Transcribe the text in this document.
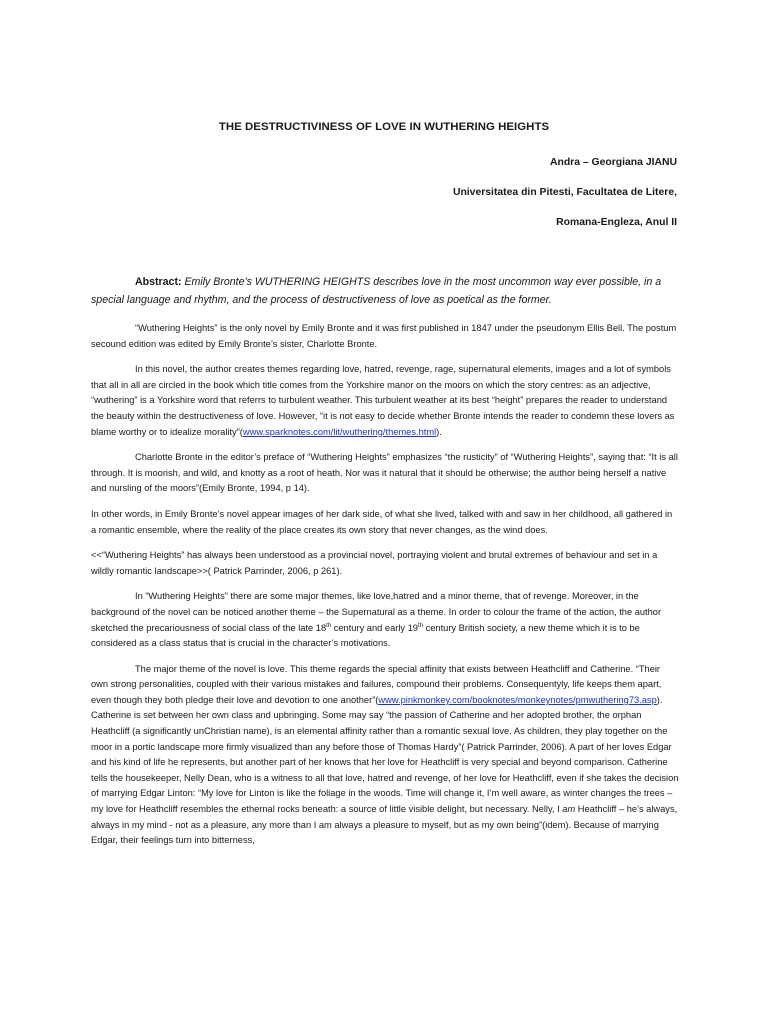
THE DESTRUCTIVINESS OF LOVE IN WUTHERING HEIGHTS
Andra – Georgiana JIANU
Universitatea din Pitesti, Facultatea de Litere,
Romana-Engleza, Anul II
Abstract: Emily Bronte’s WUTHERING HEIGHTS describes love in the most uncommon way ever possible, in a special language and rhythm, and the process of destructiveness of love as poetical as the former.

“Wuthering Heights” is the only novel by Emily Bronte and it was first published in 1847 under the pseudonym Ellis Bell. The postum secound edition was edited by Emily Bronte’s sister, Charlotte Bronte.

In this novel, the author creates themes regarding love, hatred, revenge, rage, supernatural elements, images and a lot of symbols that all in all are circled in the book which title comes from the Yorkshire manor on the moors on which the story centres: as an adjective, “wuthering” is a Yorkshire word that referrs to turbulent weather. This turbulent weather at its best “height” prepares the reader to understand the beauty within the destructiveness of love. However, “it is not easy to decide whether Bronte intends the reader to condemn these lovers as blame worthy or to idealize morality”(www.sparknotes.com/lit/wuthering/themes.html).

Charlotte Bronte in the editor’s preface of “Wuthering Heights” emphasizes “the rusticity” of “Wuthering Heights”, saying that: “It is all through. It is moorish, and wild, and knotty as a root of heath. Nor was it natural that it should be otherwise; the author being herself a native and nursling of the moors”(Emily Bronte, 1994, p 14).

In other words, in Emily Bronte’s novel appear images of her dark side, of what she lived, talked with and saw in her childhood, all gathered in a romantic ensemble, where the reality of the place creates its own story that never changes, as the wind does.

<<“Wuthering Heights” has always been understood as a provincial novel, portraying violent and brutal extremes of behaviour and set in a wildly romantic landscape>>( Patrick Parrinder, 2006, p 261).

In “Wuthering Heights” there are some major themes, like love,hatred and a minor theme, that of revenge. Moreover, in the background of the novel can be noticed another theme – the Supernatural as a theme. In order to colour the frame of the action, the author sketched the precariousness of social class of the late 18th century and early 19th century British society, a new theme which it is to be considered as a class status that is crucial in the character’s motivations.

The major theme of the novel is love. This theme regards the special affinity that exists between Heathcliff and Catherine. “Their own strong personalities, coupled with their various mistakes and failures, compound their problems. Consequentyly, life keeps them apart, even though they both pledge their love and devotion to one another”(www.pinkmonkey.com/booknotes/monkeynotes/pmwuthering73.asp). Catherine is set between her own class and upbringing. Some may say “the passion of Catherine and her adopted brother, the orphan Heathcliff (a significantly unChristian name), is an elemental affinity rather than a romantic sexual love. As children, they play together on the moor in a portic landscape more firmly visualized than any before those of Thomas Hardy”( Patrick Parrinder, 2006). A part of her loves Edgar and his kind of life he represents, but another part of her knows that her love for Heathcliff is very special and beyond comparison. Catherine tells the housekeeper, Nelly Dean, who is a witness to all that love, hatred and revenge, of her love for Heathcliff, even if she takes the decision of marrying Edgar Linton: “My love for Linton is like the foliage in the woods. Time will change it, I’m well aware, as winter changes the trees – my love for Heathcliff resembles the ethernal rocks beneath: a source of little visible delight, but necessary. Nelly, I am Heathcliff – he’s always, always in my mind - not as a pleasure, any more than I am always a pleasure to myself, but as my own being”(idem). Because of marrying Edgar, their feelings turn into bitterness,
